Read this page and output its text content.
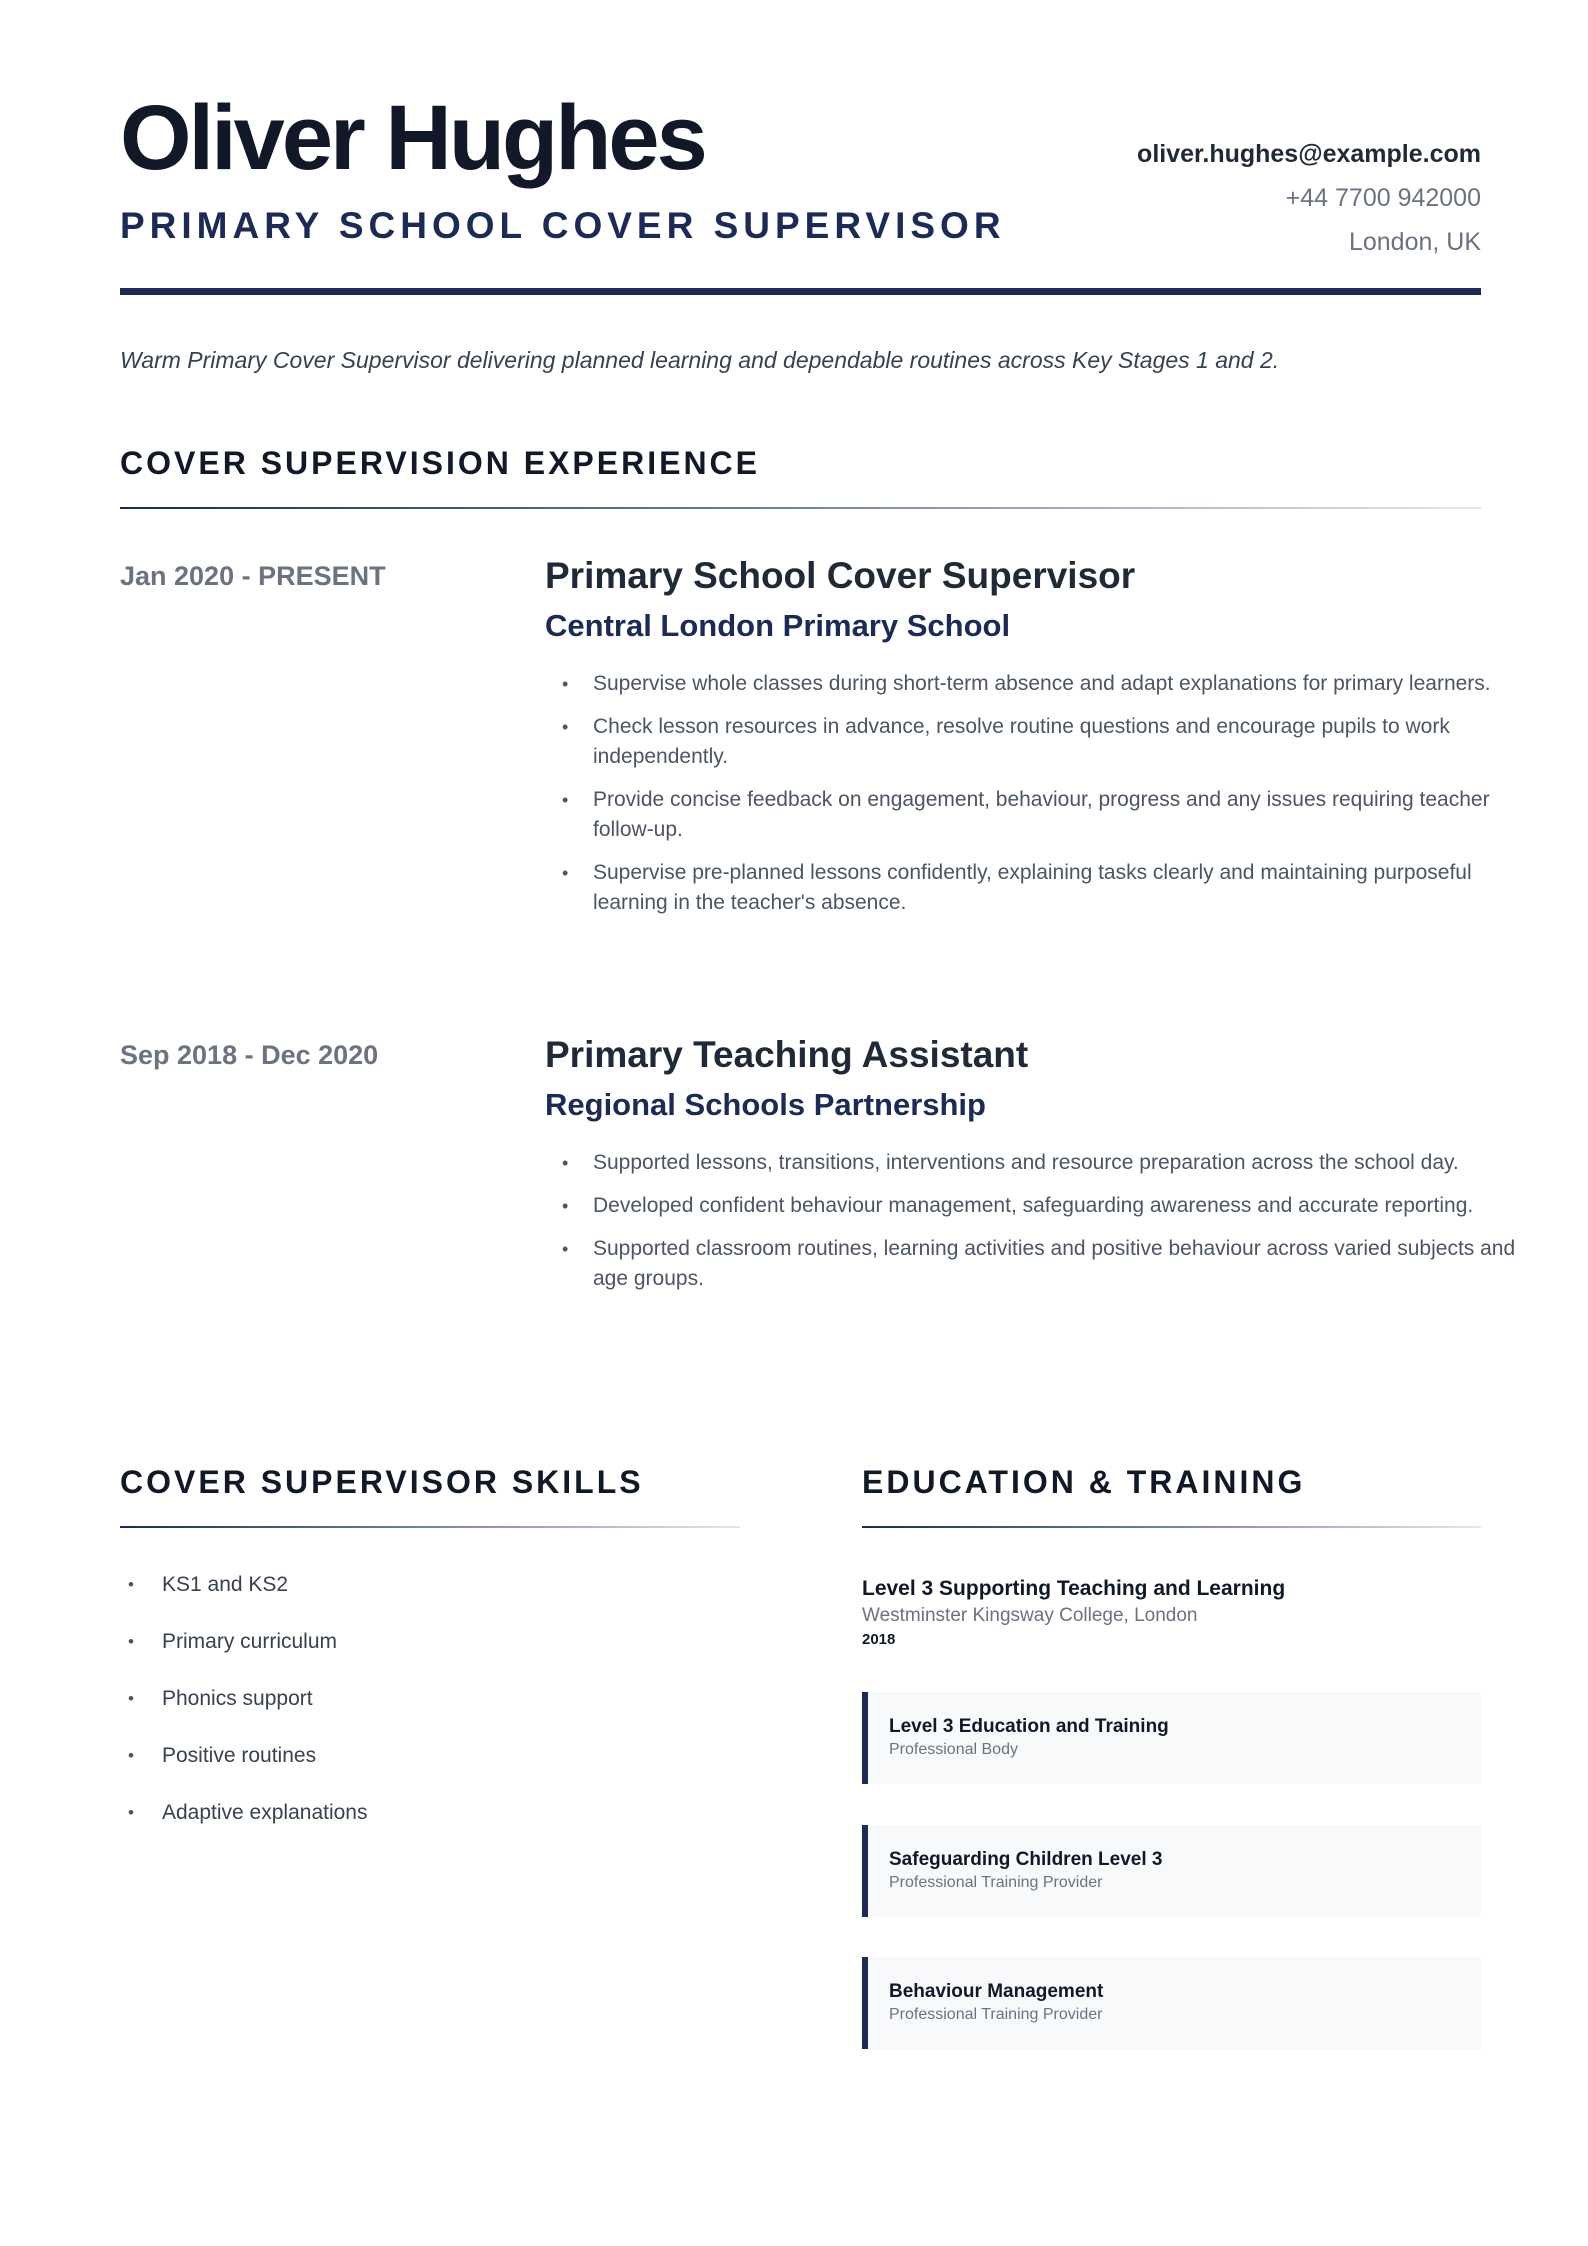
Oliver Hughes
PRIMARY SCHOOL COVER SUPERVISOR
oliver.hughes@example.com
+44 7700 942000
London, UK

Warm Primary Cover Supervisor delivering planned learning and dependable routines across Key Stages 1 and 2.

COVER SUPERVISION EXPERIENCE
Jan 2020 - PRESENT	Primary School Cover Supervisor
Central London Primary School
• Supervise whole classes during short-term absence and adapt explanations for primary learners.
• Check lesson resources in advance, resolve routine questions and encourage pupils to work independently.
• Provide concise feedback on engagement, behaviour, progress and any issues requiring teacher follow-up.
• Supervise pre-planned lessons confidently, explaining tasks clearly and maintaining purposeful learning in the teacher's absence.
Sep 2018 - Dec 2020	Primary Teaching Assistant
Regional Schools Partnership
• Supported lessons, transitions, interventions and resource preparation across the school day.
• Developed confident behaviour management, safeguarding awareness and accurate reporting.
• Supported classroom routines, learning activities and positive behaviour across varied subjects and age groups.
COVER SUPERVISOR SKILLS
• KS1 and KS2
• Primary curriculum
• Phonics support
• Positive routines
• Adaptive explanations
EDUCATION & TRAINING
Level 3 Supporting Teaching and Learning
Westminster Kingsway College, London
2018
Level 3 Education and Training
Professional Body
Safeguarding Children Level 3
Professional Training Provider
Behaviour Management
Professional Training Provider
